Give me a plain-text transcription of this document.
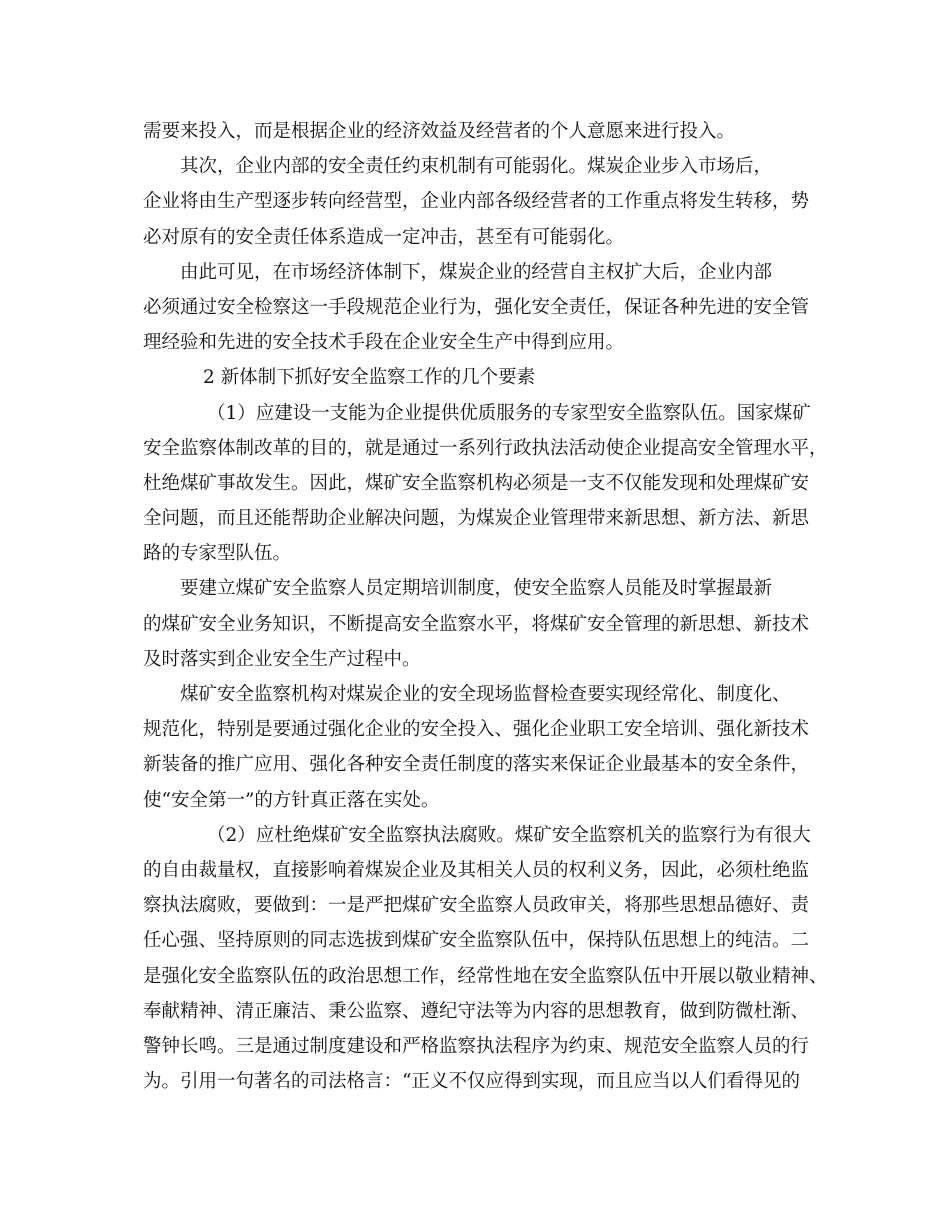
需要来投入，而是根据企业的经济效益及经营者的个人意愿来进行投入。
其次，企业内部的安全责任约束机制有可能弱化。煤炭企业步入市场后，
企业将由生产型逐步转向经营型，企业内部各级经营者的工作重点将发生转移，势
必对原有的安全责任体系造成一定冲击，甚至有可能弱化。
由此可见，在市场经济体制下，煤炭企业的经营自主权扩大后，企业内部
必须通过安全检察这一手段规范企业行为，强化安全责任，保证各种先进的安全管
理经验和先进的安全技术手段在企业安全生产中得到应用。
2 新体制下抓好安全监察工作的几个要素
（1）应建设一支能为企业提供优质服务的专家型安全监察队伍。国家煤矿
安全监察体制改革的目的，就是通过一系列行政执法活动使企业提高安全管理水平，
杜绝煤矿事故发生。因此，煤矿安全监察机构必须是一支不仅能发现和处理煤矿安
全问题，而且还能帮助企业解决问题，为煤炭企业管理带来新思想、新方法、新思
路的专家型队伍。
要建立煤矿安全监察人员定期培训制度，使安全监察人员能及时掌握最新
的煤矿安全业务知识，不断提高安全监察水平，将煤矿安全管理的新思想、新技术
及时落实到企业安全生产过程中。
煤矿安全监察机构对煤炭企业的安全现场监督检查要实现经常化、制度化、
规范化，特别是要通过强化企业的安全投入、强化企业职工安全培训、强化新技术
新装备的推广应用、强化各种安全责任制度的落实来保证企业最基本的安全条件，
使“安全第一”的方针真正落在实处。
（2）应杜绝煤矿安全监察执法腐败。煤矿安全监察机关的监察行为有很大
的自由裁量权，直接影响着煤炭企业及其相关人员的权利义务，因此，必须杜绝监
察执法腐败，要做到：一是严把煤矿安全监察人员政审关，将那些思想品德好、责
任心强、坚持原则的同志选拔到煤矿安全监察队伍中，保持队伍思想上的纯洁。二
是强化安全监察队伍的政治思想工作，经常性地在安全监察队伍中开展以敬业精神、
奉献精神、清正廉洁、秉公监察、遵纪守法等为内容的思想教育，做到防微杜渐、
警钟长鸣。三是通过制度建设和严格监察执法程序为约束、规范安全监察人员的行
为。引用一句著名的司法格言：“正义不仅应得到实现，而且应当以人们看得见的
